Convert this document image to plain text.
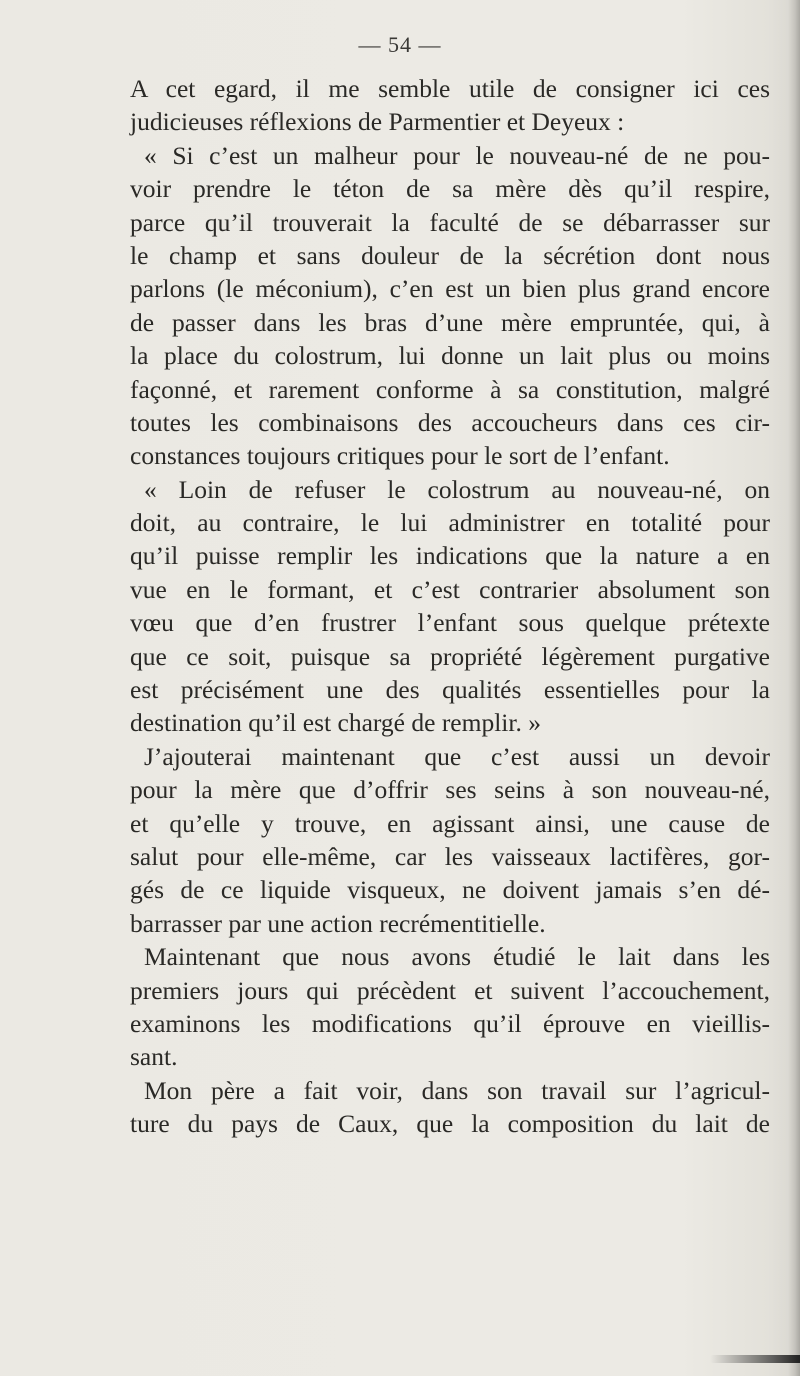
— 54 —
A cet egard, il me semble utile de consigner ici ces
judicieuses réflexions de Parmentier et Deyeux :
« Si c’est un malheur pour le nouveau-né de ne pou-
voir prendre le téton de sa mère dès qu’il respire,
parce qu’il trouverait la faculté de se débarrasser sur
le champ et sans douleur de la sécrétion dont nous
parlons (le méconium), c’en est un bien plus grand encore
de passer dans les bras d’une mère empruntée, qui, à
la place du colostrum, lui donne un lait plus ou moins
façonné, et rarement conforme à sa constitution, malgré
toutes les combinaisons des accoucheurs dans ces cir-
constances toujours critiques pour le sort de l’enfant.
« Loin de refuser le colostrum au nouveau-né, on
doit, au contraire, le lui administrer en totalité pour
qu’il puisse remplir les indications que la nature a en
vue en le formant, et c’est contrarier absolument son
vœu que d’en frustrer l’enfant sous quelque prétexte
que ce soit, puisque sa propriété légèrement purgative
est précisément une des qualités essentielles pour la
destination qu’il est chargé de remplir. »
J’ajouterai maintenant que c’est aussi un devoir
pour la mère que d’offrir ses seins à son nouveau-né,
et qu’elle y trouve, en agissant ainsi, une cause de
salut pour elle-même, car les vaisseaux lactifères, gor-
gés de ce liquide visqueux, ne doivent jamais s’en dé-
barrasser par une action recrémentitielle.
Maintenant que nous avons étudié le lait dans les
premiers jours qui précèdent et suivent l’accouchement,
examinons les modifications qu’il éprouve en vieillis-
sant.
Mon père a fait voir, dans son travail sur l’agricul-
ture du pays de Caux, que la composition du lait de
